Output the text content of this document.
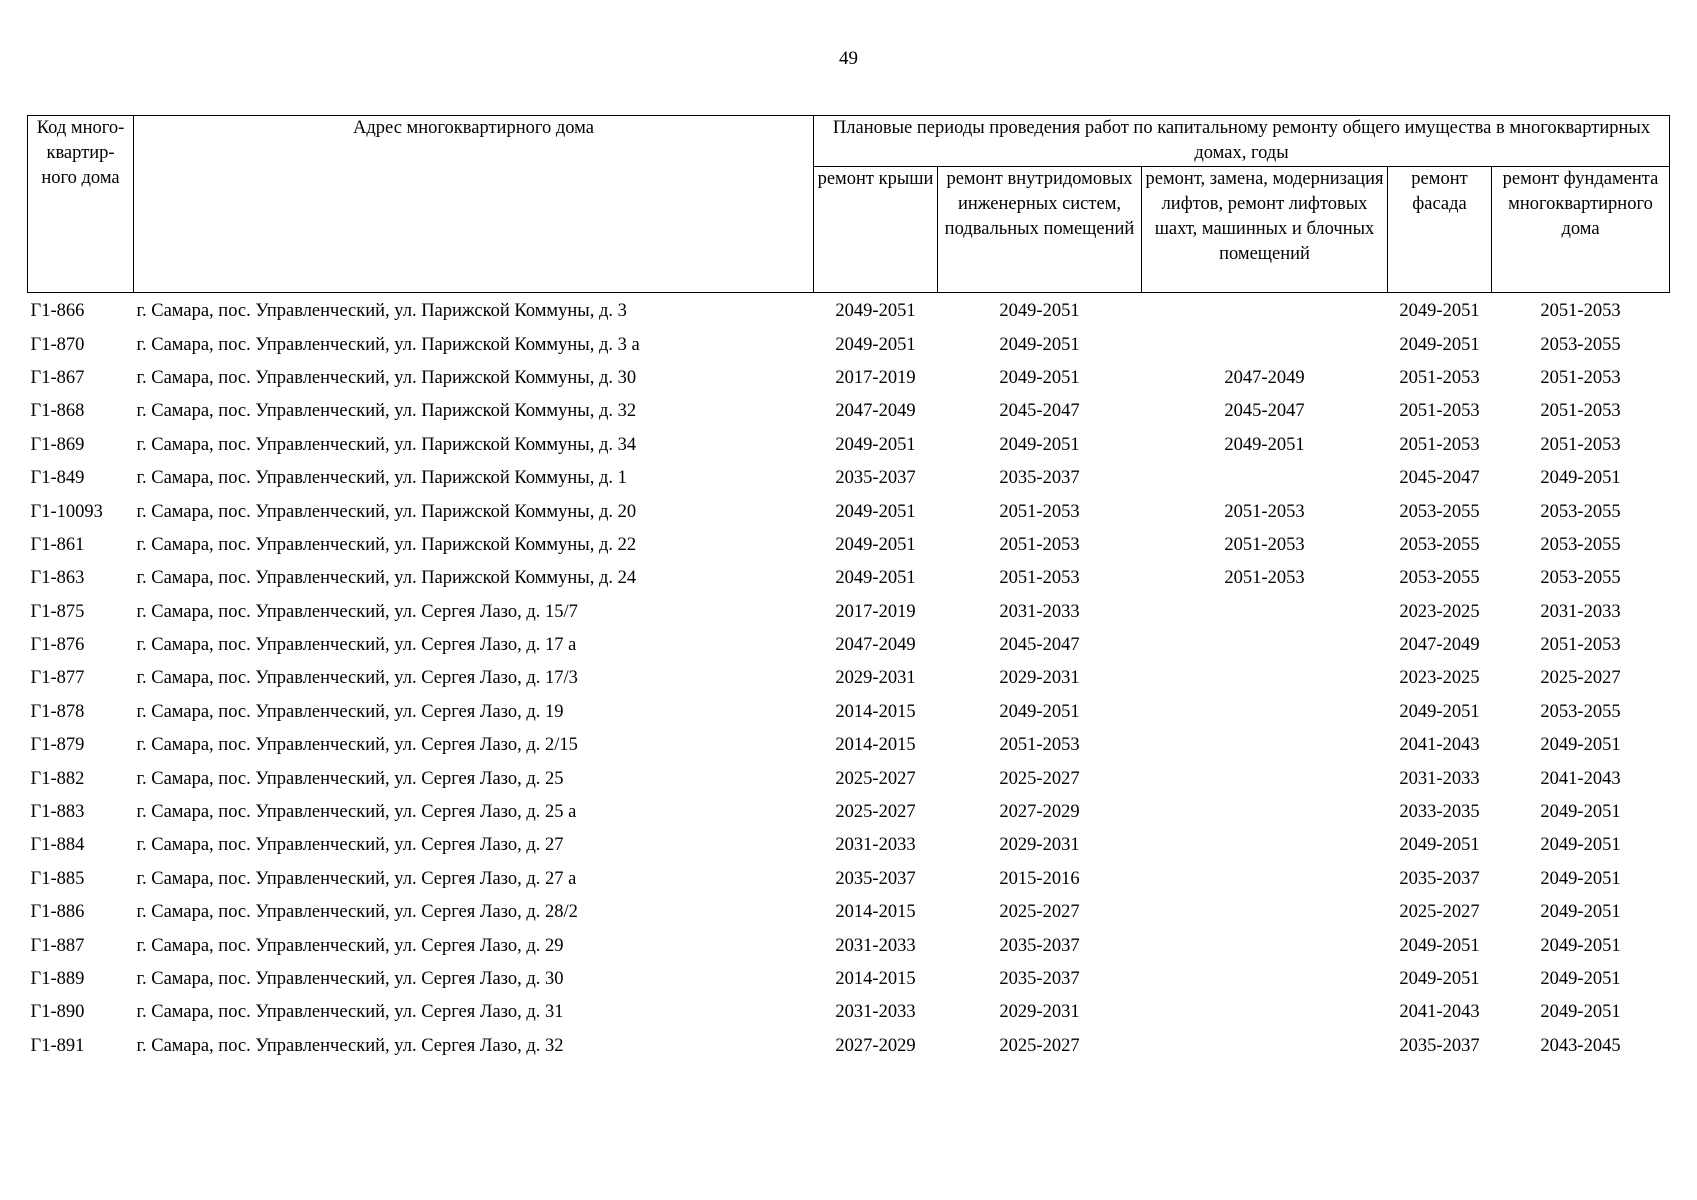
49
Код много-квартир-ного дома	Адрес многоквартирного дома	Плановые периоды проведения работ по капитальному ремонту общего имущества в многоквартирных домах, годы				
		ремонт крыши	ремонт внутридомовых инженерных систем, подвальных помещений	ремонт, замена, модернизация лифтов, ремонт лифтовых шахт, машинных и блочных помещений	ремонт фасада	ремонт фундамента многоквартирного дома
Г1-866	г. Самара, пос. Управленческий, ул. Парижской Коммуны, д. 3	2049-2051	2049-2051		2049-2051	2051-2053
Г1-870	г. Самара, пос. Управленческий, ул. Парижской Коммуны, д. 3 а	2049-2051	2049-2051		2049-2051	2053-2055
Г1-867	г. Самара, пос. Управленческий, ул. Парижской Коммуны, д. 30	2017-2019	2049-2051	2047-2049	2051-2053	2051-2053
Г1-868	г. Самара, пос. Управленческий, ул. Парижской Коммуны, д. 32	2047-2049	2045-2047	2045-2047	2051-2053	2051-2053
Г1-869	г. Самара, пос. Управленческий, ул. Парижской Коммуны, д. 34	2049-2051	2049-2051	2049-2051	2051-2053	2051-2053
Г1-849	г. Самара, пос. Управленческий, ул. Парижской Коммуны, д. 1	2035-2037	2035-2037		2045-2047	2049-2051
Г1-10093	г. Самара, пос. Управленческий, ул. Парижской Коммуны, д. 20	2049-2051	2051-2053	2051-2053	2053-2055	2053-2055
Г1-861	г. Самара, пос. Управленческий, ул. Парижской Коммуны, д. 22	2049-2051	2051-2053	2051-2053	2053-2055	2053-2055
Г1-863	г. Самара, пос. Управленческий, ул. Парижской Коммуны, д. 24	2049-2051	2051-2053	2051-2053	2053-2055	2053-2055
Г1-875	г. Самара, пос. Управленческий, ул. Сергея Лазо, д. 15/7	2017-2019	2031-2033		2023-2025	2031-2033
Г1-876	г. Самара, пос. Управленческий, ул. Сергея Лазо, д. 17 а	2047-2049	2045-2047		2047-2049	2051-2053
Г1-877	г. Самара, пос. Управленческий, ул. Сергея Лазо, д. 17/3	2029-2031	2029-2031		2023-2025	2025-2027
Г1-878	г. Самара, пос. Управленческий, ул. Сергея Лазо, д. 19	2014-2015	2049-2051		2049-2051	2053-2055
Г1-879	г. Самара, пос. Управленческий, ул. Сергея Лазо, д. 2/15	2014-2015	2051-2053		2041-2043	2049-2051
Г1-882	г. Самара, пос. Управленческий, ул. Сергея Лазо, д. 25	2025-2027	2025-2027		2031-2033	2041-2043
Г1-883	г. Самара, пос. Управленческий, ул. Сергея Лазо, д. 25 а	2025-2027	2027-2029		2033-2035	2049-2051
Г1-884	г. Самара, пос. Управленческий, ул. Сергея Лазо, д. 27	2031-2033	2029-2031		2049-2051	2049-2051
Г1-885	г. Самара, пос. Управленческий, ул. Сергея Лазо, д. 27 а	2035-2037	2015-2016		2035-2037	2049-2051
Г1-886	г. Самара, пос. Управленческий, ул. Сергея Лазо, д. 28/2	2014-2015	2025-2027		2025-2027	2049-2051
Г1-887	г. Самара, пос. Управленческий, ул. Сергея Лазо, д. 29	2031-2033	2035-2037		2049-2051	2049-2051
Г1-889	г. Самара, пос. Управленческий, ул. Сергея Лазо, д. 30	2014-2015	2035-2037		2049-2051	2049-2051
Г1-890	г. Самара, пос. Управленческий, ул. Сергея Лазо, д. 31	2031-2033	2029-2031		2041-2043	2049-2051
Г1-891	г. Самара, пос. Управленческий, ул. Сергея Лазо, д. 32	2027-2029	2025-2027		2035-2037	2043-2045
